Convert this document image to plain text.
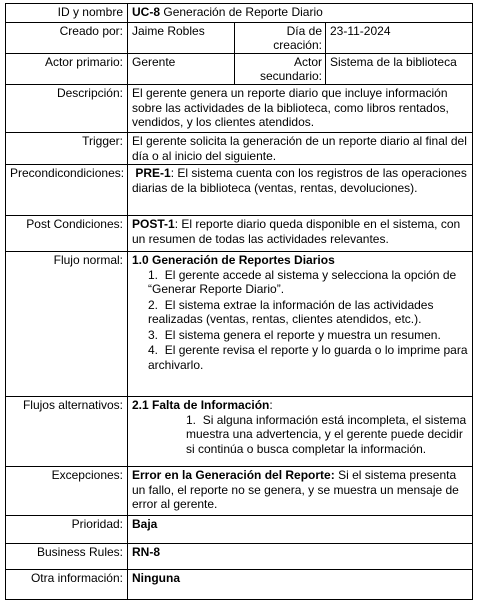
ID y nombre	UC-8 Generación de Reporte Diario		
Creado por:	Jaime Robles	Día de creación:	23-11-2024
Actor primario:	Gerente	Actor secundario:	Sistema de la biblioteca
Descripción:	El gerente genera un reporte diario que incluye información sobre las actividades de la biblioteca, como libros rentados, vendidos, y los clientes atendidos.		
Trigger:	El gerente solicita la generación de un reporte diario al final del día o al inicio del siguiente.		
Precondicondiciones:	PRE-1: El sistema cuenta con los registros de las operaciones diarias de la biblioteca (ventas, rentas, devoluciones).		
Post Condiciones:	POST-1: El reporte diario queda disponible en el sistema, con un resumen de todas las actividades relevantes.		
Flujo normal:	1.0 Generación de Reportes Diarios
1. El gerente accede al sistema y selecciona la opción de “Generar Reporte Diario”.
2. El sistema extrae la información de las actividades realizadas (ventas, rentas, clientes atendidos, etc.).
3. El sistema genera el reporte y muestra un resumen.
4. El gerente revisa el reporte y lo guarda o lo imprime para archivarlo.		

Flujos alternativos:	2.1 Falta de Información:
1. Si alguna información está incompleta, el sistema muestra una advertencia, y el gerente puede decidir si continúa o busca completar la información.		

Excepciones:	Error en la Generación del Reporte: Si el sistema presenta un fallo, el reporte no se genera, y se muestra un mensaje de error al gerente.		
Prioridad:	Baja		
Business Rules:	RN-8		
Otra información:	Ninguna		
